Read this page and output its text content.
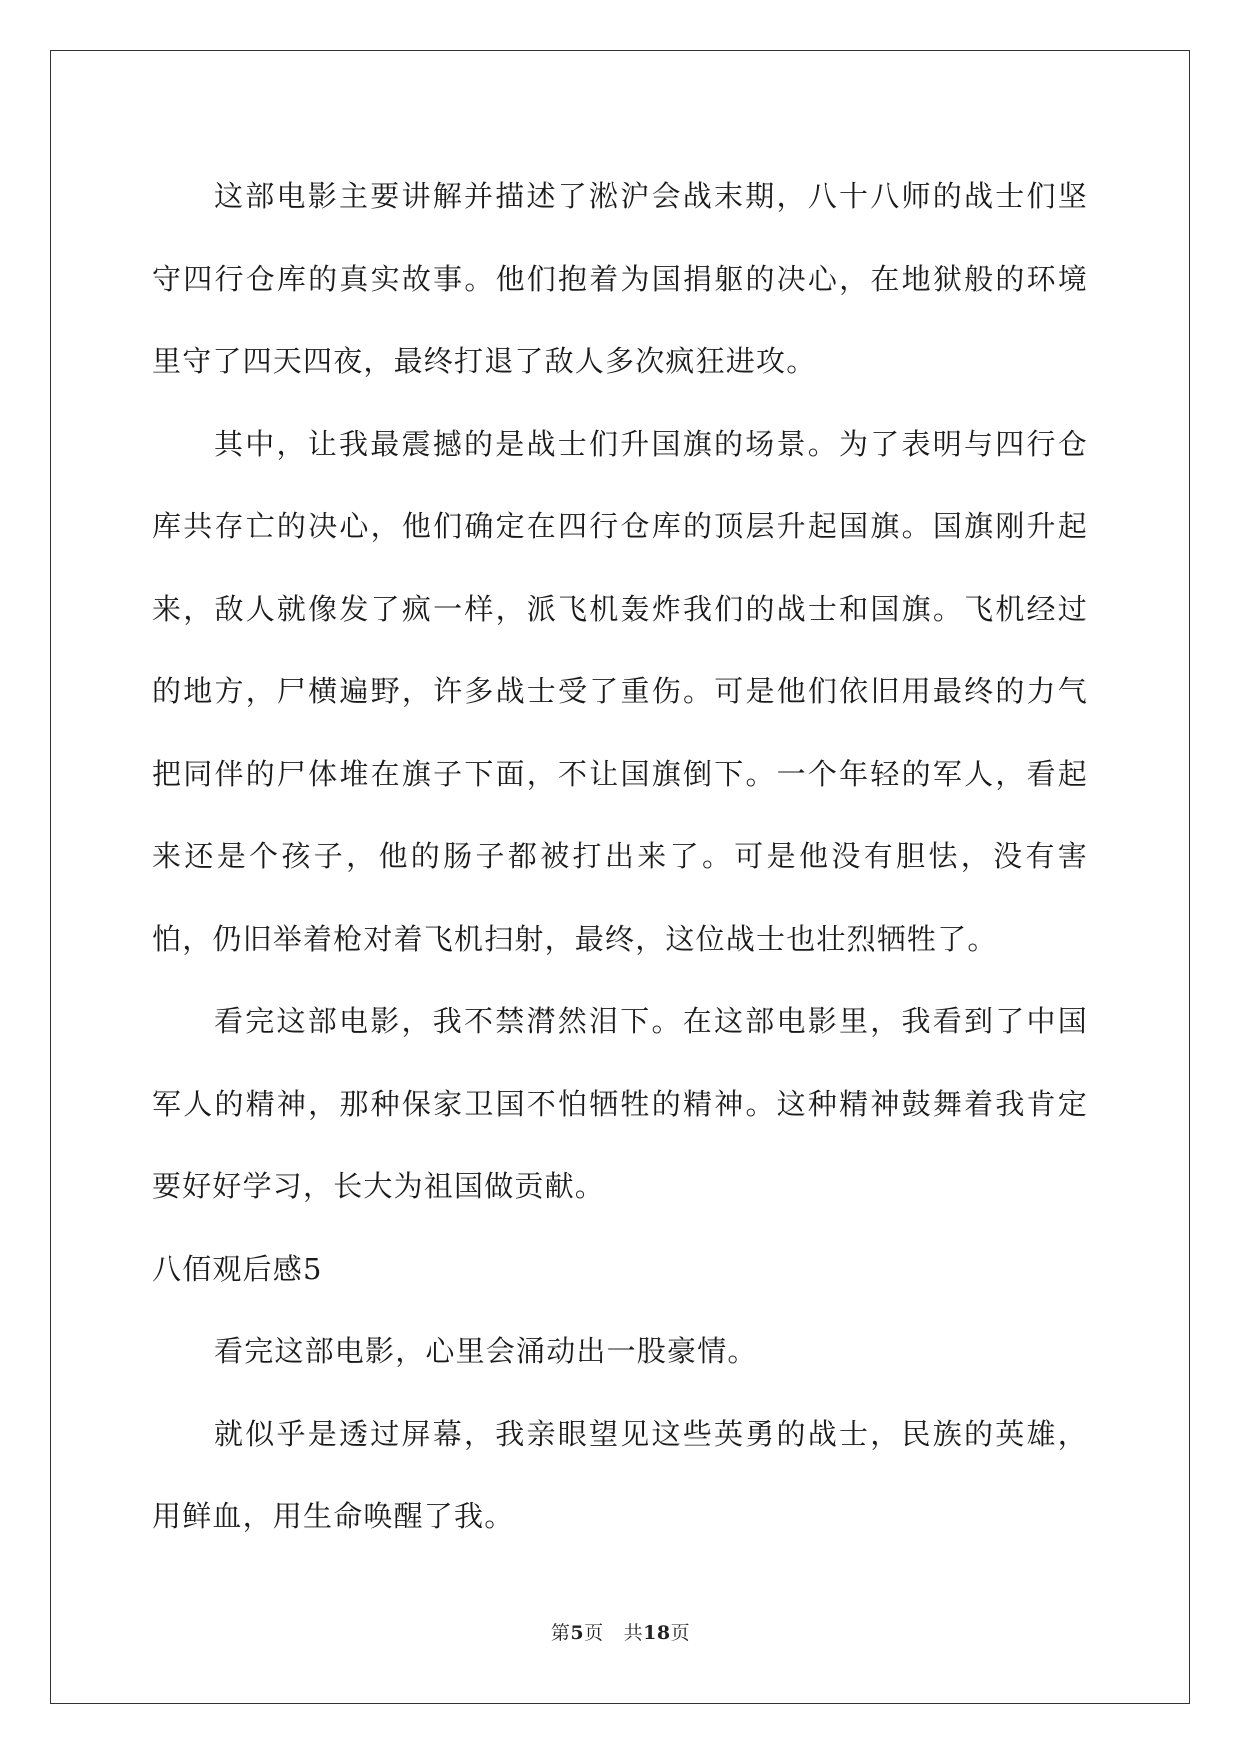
这部电影主要讲解并描述了淞沪会战末期，八十八师的战士们坚守四行仓库的真实故事。他们抱着为国捐躯的决心，在地狱般的环境里守了四天四夜，最终打退了敌人多次疯狂进攻。

其中，让我最震撼的是战士们升国旗的场景。为了表明与四行仓库共存亡的决心，他们确定在四行仓库的顶层升起国旗。国旗刚升起来，敌人就像发了疯一样，派飞机轰炸我们的战士和国旗。飞机经过的地方，尸横遍野，许多战士受了重伤。可是他们依旧用最终的力气把同伴的尸体堆在旗子下面，不让国旗倒下。一个年轻的军人，看起来还是个孩子，他的肠子都被打出来了。可是他没有胆怯，没有害怕，仍旧举着枪对着飞机扫射，最终，这位战士也壮烈牺牲了。

看完这部电影，我不禁潸然泪下。在这部电影里，我看到了中国军人的精神，那种保家卫国不怕牺牲的精神。这种精神鼓舞着我肯定要好好学习，长大为祖国做贡献。

八佰观后感5

看完这部电影，心里会涌动出一股豪情。

就似乎是透过屏幕，我亲眼望见这些英勇的战士，民族的英雄，用鲜血，用生命唤醒了我。

第5页 共18页
